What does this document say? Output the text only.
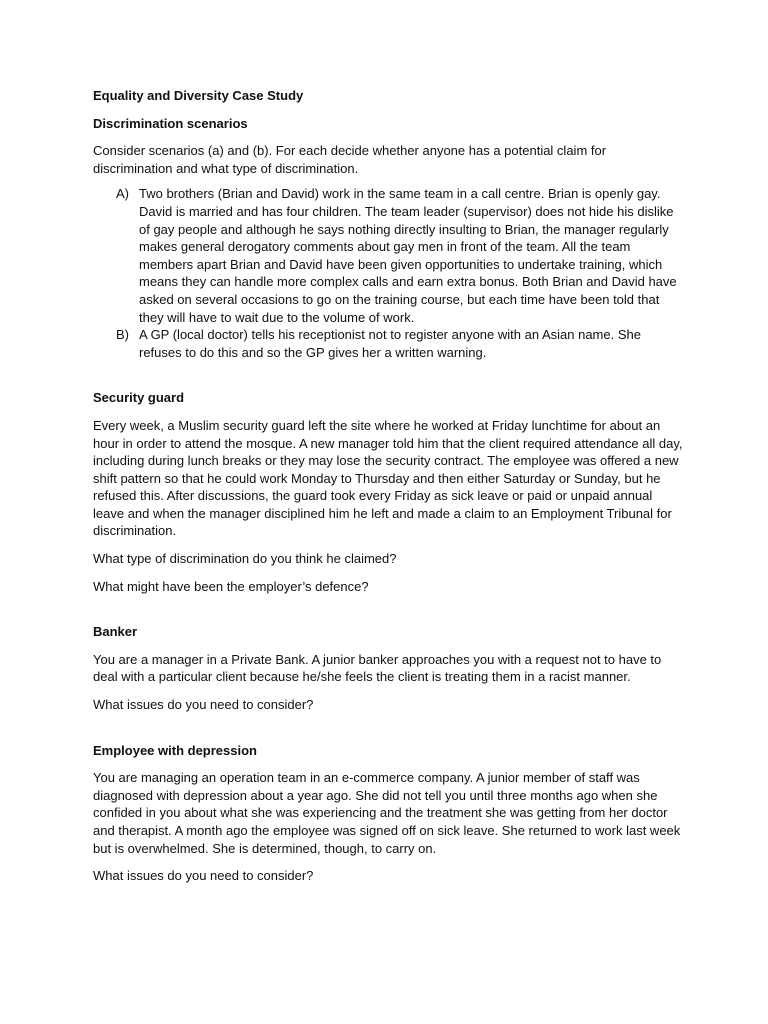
Equality and Diversity Case Study

Discrimination scenarios

Consider scenarios (a) and (b). For each decide whether anyone has a potential claim for discrimination and what type of discrimination.

A) Two brothers (Brian and David) work in the same team in a call centre. Brian is openly gay. David is married and has four children. The team leader (supervisor) does not hide his dislike of gay people and although he says nothing directly insulting to Brian, the manager regularly makes general derogatory comments about gay men in front of the team. All the team members apart Brian and David have been given opportunities to undertake training, which means they can handle more complex calls and earn extra bonus. Both Brian and David have asked on several occasions to go on the training course, but each time have been told that they will have to wait due to the volume of work.
B) A GP (local doctor) tells his receptionist not to register anyone with an Asian name. She refuses to do this and so the GP gives her a written warning.

Security guard

Every week, a Muslim security guard left the site where he worked at Friday lunchtime for about an hour in order to attend the mosque. A new manager told him that the client required attendance all day, including during lunch breaks or they may lose the security contract. The employee was offered a new shift pattern so that he could work Monday to Thursday and then either Saturday or Sunday, but he refused this. After discussions, the guard took every Friday as sick leave or paid or unpaid annual leave and when the manager disciplined him he left and made a claim to an Employment Tribunal for discrimination.

What type of discrimination do you think he claimed?

What might have been the employer’s defence?

Banker

You are a manager in a Private Bank. A junior banker approaches you with a request not to have to deal with a particular client because he/she feels the client is treating them in a racist manner.

What issues do you need to consider?

Employee with depression

You are managing an operation team in an e-commerce company. A junior member of staff was diagnosed with depression about a year ago. She did not tell you until three months ago when she confided in you about what she was experiencing and the treatment she was getting from her doctor and therapist. A month ago the employee was signed off on sick leave. She returned to work last week but is overwhelmed. She is determined, though, to carry on.

What issues do you need to consider?
